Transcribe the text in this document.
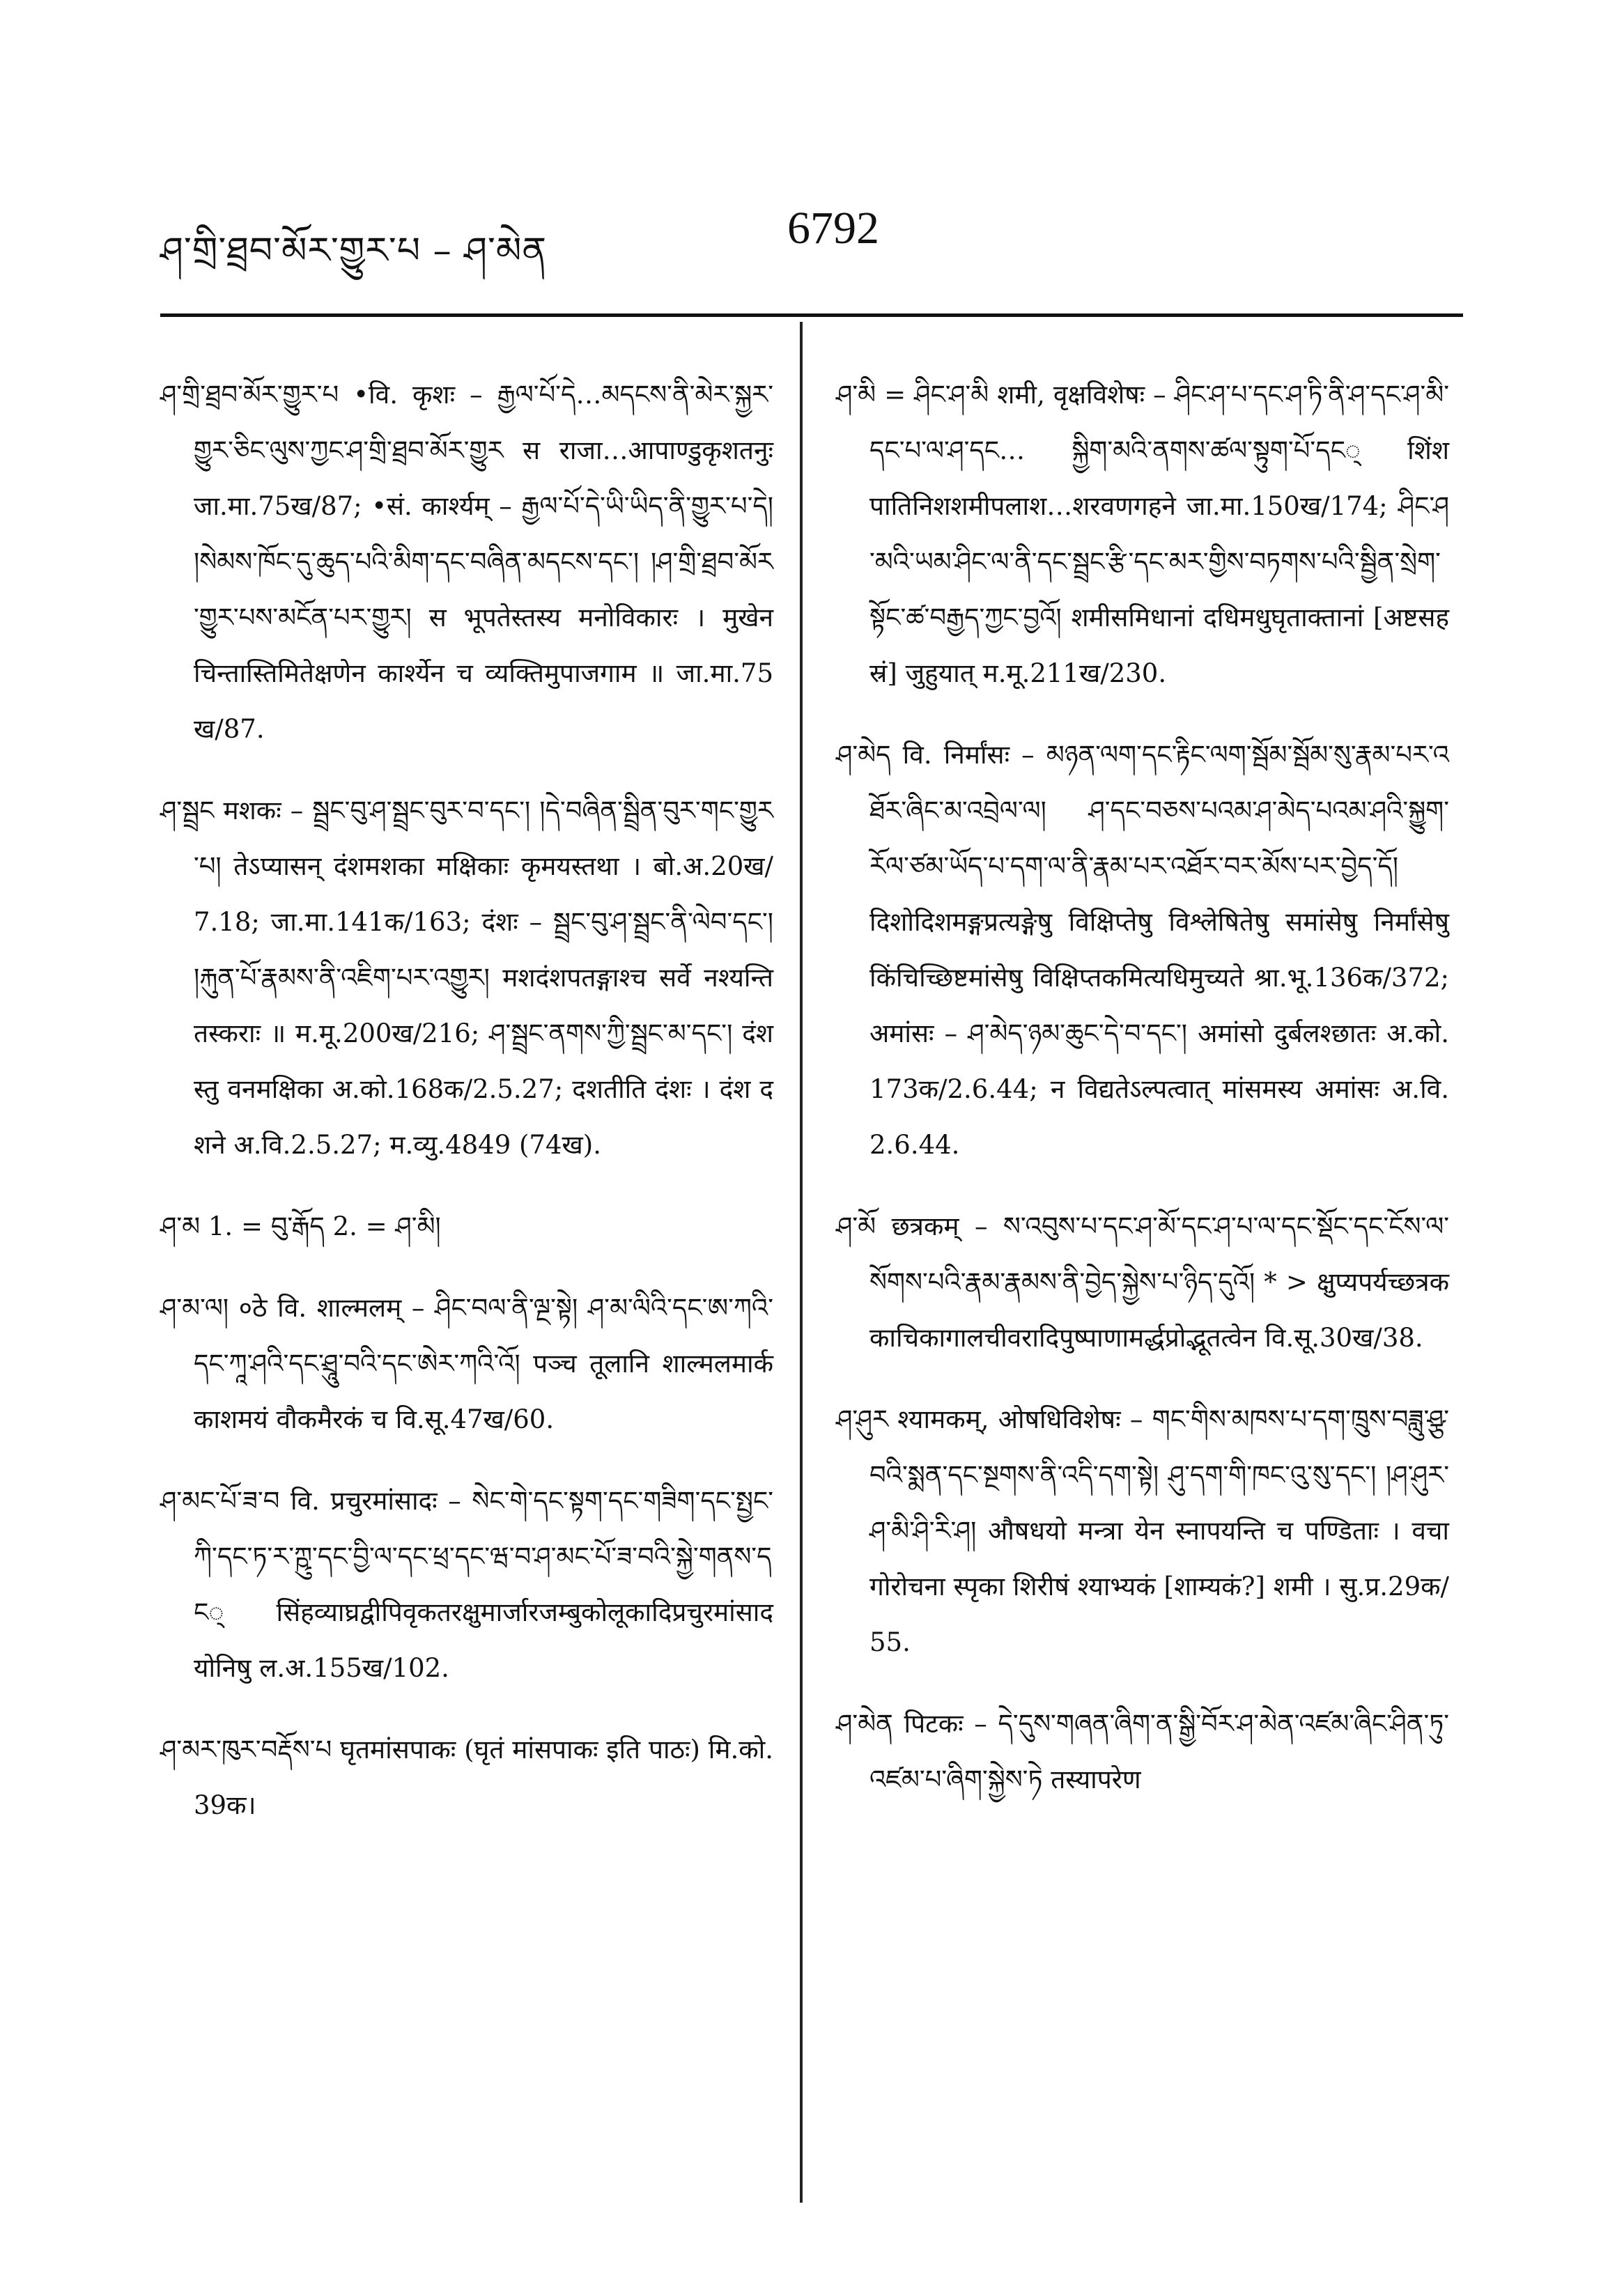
ཤ་གྲི་ཐྲབ་མོར་གྱུར་པ – ཤ་མེན	6792

ཤ་གྲི་ཐྲབ་མོར་གྱུར་པ •वि. कृशः – རྒྱལ་པོ་དེ…མདངས་ནི་མེར་སྐྱར་གྱུར་ཅིང་ལུས་ཀྱང་ཤ་གྲི་ཐྲབ་མོར་གྱུར स राजा…आपाण्डुकृशतनुः जा.मा.75ख/87; •सं. कार्श्यम् – རྒྱལ་པོ་དེ་ཡི་ཡིད་ནི་གྱུར་པ་དེ། །སེམས་ཁོང་དུ་ཆུད་པའི་མིག་དང་བཞིན་མདངས་དང་། །ཤ་གྲི་ཐྲབ་མོར་གྱུར་པས་མངོན་པར་གྱུར། स भूपतेस्तस्य मनोविकारः । मुखेन चिन्तास्तिमितेक्षणेन कार्श्येन च व्यक्तिमुपाजगाम ॥ जा.मा.75ख/87.

ཤ་སྦྲང मशकः – སྦྲང་བུ་ཤ་སྦྲང་བུར་བ་དང་། །དེ་བཞིན་སྦྲིན་བུར་གང་གྱུར་པ། तेऽप्यासन् दंशमशका मक्षिकाः कृमयस्तथा । बो.अ.20ख/7.18; जा.मा.141क/163; दंशः – སྦྲང་བུ་ཤ་སྦྲང་ནི་ལེབ་དང་། །རྐུན་པོ་རྣམས་ནི་འཇིག་པར་འགྱུར། मशदंशपतङ्गाश्च सर्वे नश्यन्ति तस्कराः ॥ म.मू.200ख/216; ཤ་སྦྲང་ནགས་ཀྱི་སྦྲང་མ་དང་། दंशस्तु वनमक्षिका अ.को.168क/2.5.27; दशतीति दंशः । दंश दशने अ.वि.2.5.27; म.व्यु.4849 (74ख).

ཤ་མ 1. = བུ་རྒོད 2. = ཤ་མི།

ཤ་མ་ལ། ०ठे वि. शाल्मलम् – ཤིང་བལ་ནི་ལྔ་སྟེ། ཤ་མ་ལིའི་དང་ཨ་ཀའི་དང་ཀཱ་ཤའི་དང་ཤྲཱུ་བའི་དང་ཨེར་ཀའི་འོ། पञ्च तूलानि शाल्मलमार्क काशमयं वौकमैरकं च वि.सू.47ख/60.

ཤ་མང་པོ་ཟ་བ वि. प्रचुरमांसादः – སེང་གེ་དང་སྟག་དང་གཟིག་དང་སྤྱང་ཀི་དང་ཏ་ར་ཀྵུ་དང་བྱི་ལ་དང་ཕྲ་དང་ཝ་བ་ཤ་མང་པོ་ཟ་བའི་སྐྱེ་གནས་དང् सिंहव्याघ्रद्वीपिवृकतरक्षुमार्जारजम्बुकोलूकादिप्रचुरमांसादयोनिषु ल.अ.155ख/102.

ཤ་མར་ཁུར་བརྡོས་པ घृतमांसपाकः (घृतं मांसपाकः इति पाठः) मि.को.39क।

ཤ་མི = ཤིང་ཤ་མི शमी, वृक्षविशेषः – ཤིང་ཤ་པ་དང་ཤ་ཏི་ནི་ཤ་དང་ཤ་མི་དང་པ་ལ་ཤ་དང… སྐྱིག་མའི་ནགས་ཚལ་སྟུག་པོ་དང् शिंशपातिनिशशमीपलाश…शरवणगहने जा.मा.150ख/174; ཤིང་ཤ་མའི་ཡམ་ཤིང་ལ་ནི་དང་སྦྲང་རྩི་དང་མར་གྱིས་བཏགས་པའི་སྦྱིན་སྲེག་སྟོང་ཚ་བརྒྱད་ཀྱང་བྱའོ། शमीसमिधानां दधिमधुघृताक्तानां [अष्टसहस्रं] जुहुयात् म.मू.211ख/230.

ཤ་མེད वि. निर्मांसः – མཉན་ལག་དང་རྟིང་ལག་སྦོམ་སྦོམ་སུ་རྣམ་པར་འཐོར་ཞིང་མ་འབྲེལ་ལ། ཤ་དང་བཅས་པའམ་ཤ་མེད་པའམ་ཤའི་སྐྱུག་རོལ་ཙམ་ཡོད་པ་དག་ལ་ནི་རྣམ་པར་འཐོར་བར་མོས་པར་བྱེད་དོ། दिशोदिशमङ्गप्रत्यङ्गेषु विक्षिप्तेषु विश्लेषितेषु समांसेषु निर्मांसेषु किंचिच्छिष्टमांसेषु विक्षिप्तकमित्यधिमुच्यते श्रा.भू.136क/372; अमांसः – ཤ་མེད་ཉམ་ཆུང་དེ་བ་དང་། अमांसो दुर्बलश्छातः अ.को.173क/2.6.44; न विद्यतेऽल्पत्वात् मांसमस्य अमांसः अ.वि.2.6.44.

ཤ་མོ छत्रकम् – ས་འབུས་པ་དང་ཤ་མོ་དང་ཤ་པ་ལ་དང་སྡོང་དང་ངོས་ལ་སོགས་པའི་རྣམ་རྣམས་ནི་བྱེད་སྐྱེས་པ་ཉིད་དུའོ། * > क्षुप्यपर्यच्छत्रककाचिकागालचीवरादिपुष्पाणामर्द्धप्रोद्भूतत्वेन वि.सू.30ख/38.

ཤ་ཤུར श्यामकम्, ओषधिविशेषः – གང་གིས་མཁས་པ་དག་ཁྲུས་བཟླུ་ཤྩ་བའི་སྨན་དང་སྔགས་ནི་འདི་དག་སྟེ། ཤུ་དག་གི་ཁང་འུ་སུ་དང་། །ཤ་ཤུར་ཤ་མི་ཤི་རི་ཤ། औषधयो मन्त्रा येन स्नापयन्ति च पण्डिताः । वचा गोरोचना स्पृका शिरीषं श्याभ्यकं [शाम्यकं?] शमी । सु.प्र.29क/55.

ཤ་མེན पिटकः – དེ་དུས་གཞན་ཞིག་ན་སྒྱི་བོར་ཤ་མེན་འཛམ་ཞིང་ཤིན་ཏུ་འཛམ་པ་ཞིག་སྐྱེས་ཏེ तस्यापरेण
